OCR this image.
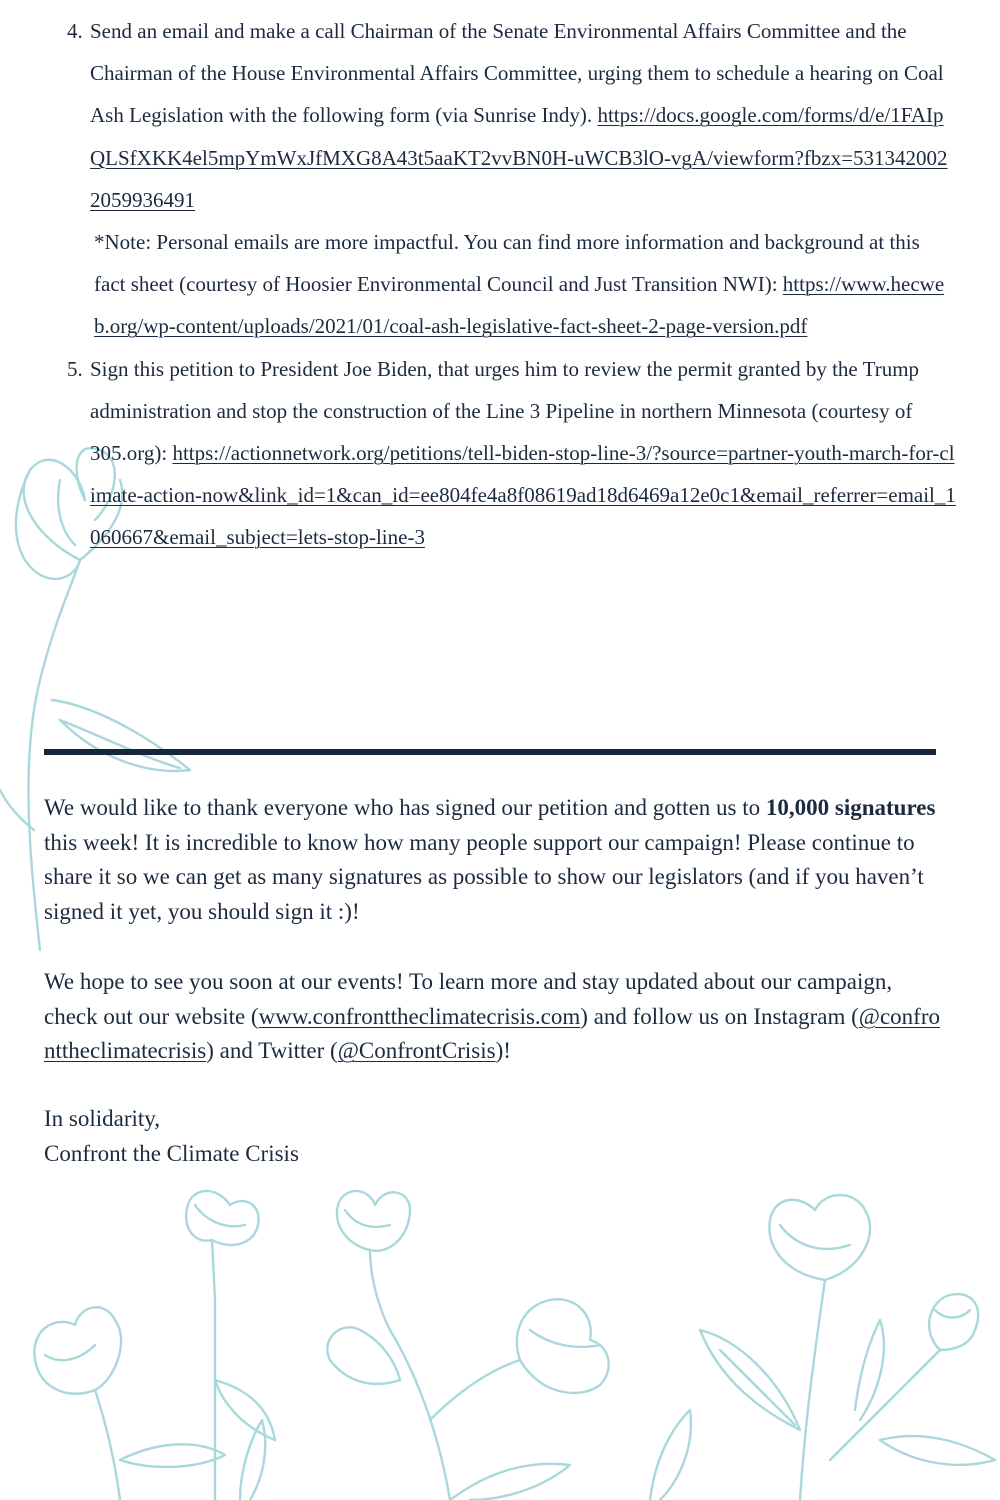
4. Send an email and make a call Chairman of the Senate Environmental Affairs Committee and the Chairman of the House Environmental Affairs Committee, urging them to schedule a hearing on Coal Ash Legislation with the following form (via Sunrise Indy). https://docs.google.com/forms/d/e/1FAIpQLSfXKK4el5mpYmWxJfMXG8A43t5aaKT2vvBN0H-uWCB3lO-vgA/viewform?fbzx=5313420022059936491
*Note: Personal emails are more impactful. You can find more information and background at this fact sheet (courtesy of Hoosier Environmental Council and Just Transition NWI): https://www.hecweb.org/wp-content/uploads/2021/01/coal-ash-legislative-fact-sheet-2-page-version.pdf
5. Sign this petition to President Joe Biden, that urges him to review the permit granted by the Trump administration and stop the construction of the Line 3 Pipeline in northern Minnesota (courtesy of 305.org): https://actionnetwork.org/petitions/tell-biden-stop-line-3/?source=partner-youth-march-for-climate-action-now&link_id=1&can_id=ee804fe4a8f08619ad18d6469a12e0c1&email_referrer=email_1060667&email_subject=lets-stop-line-3

We would like to thank everyone who has signed our petition and gotten us to 10,000 signatures this week! It is incredible to know how many people support our campaign! Please continue to share it so we can get as many signatures as possible to show our legislators (and if you haven’t signed it yet, you should sign it :)!

We hope to see you soon at our events! To learn more and stay updated about our campaign, check out our website (www.confronttheclimatecrisis.com) and follow us on Instagram (@confronttheclimatecrisis) and Twitter (@ConfrontCrisis)!

In solidarity,
Confront the Climate Crisis
